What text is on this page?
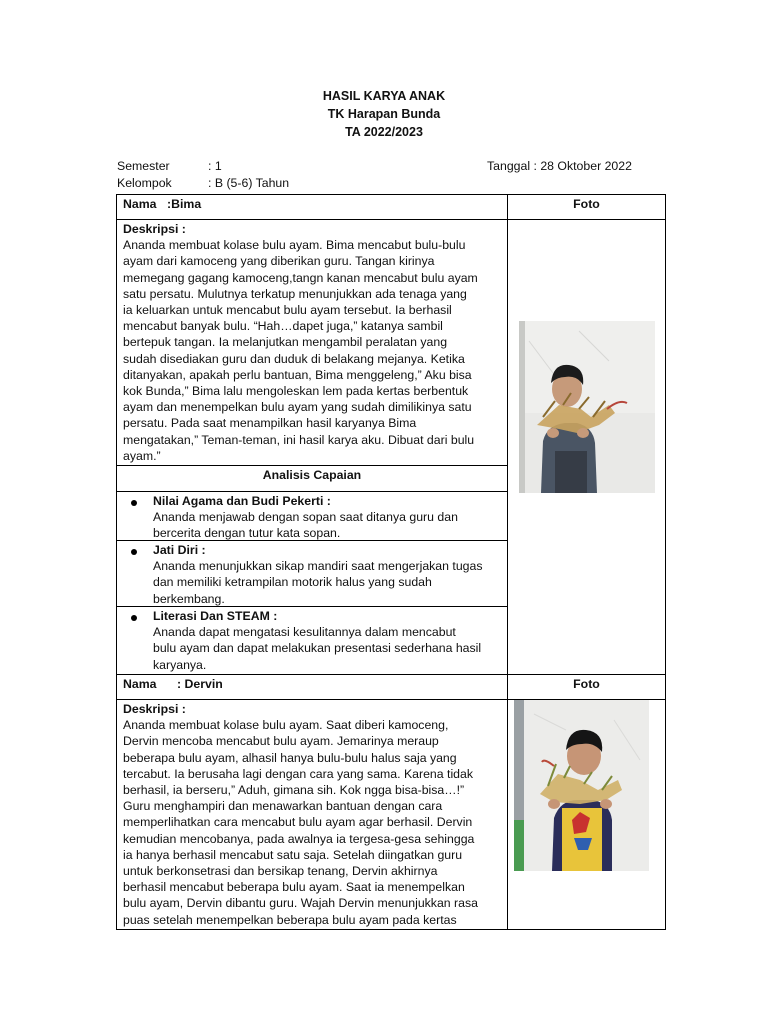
HASIL KARYA ANAK
TK Harapan Bunda
TA 2022/2023
Semester	: 1	Tanggal : 28 Oktober 2022
Kelompok	: B (5-6) Tahun
Nama :Bima	Foto
Deskripsi :
Ananda membuat kolase bulu ayam. Bima mencabut bulu-bulu
ayam dari kamoceng yang diberikan guru. Tangan kirinya
memegang gagang kamoceng,tangn kanan mencabut bulu ayam
satu persatu. Mulutnya terkatup menunjukkan ada tenaga yang
ia keluarkan untuk mencabut bulu ayam tersebut. Ia berhasil
mencabut banyak bulu. “Hah…dapet juga,” katanya sambil
bertepuk tangan. Ia melanjutkan mengambil peralatan yang
sudah disediakan guru dan duduk di belakang mejanya. Ketika
ditanyakan, apakah perlu bantuan, Bima menggeleng,” Aku bisa
kok Bunda,” Bima lalu mengoleskan lem pada kertas berbentuk
ayam dan menempelkan bulu ayam yang sudah dimilikinya satu
persatu. Pada saat menampilkan hasil karyanya Bima
mengatakan,” Teman-teman, ini hasil karya aku. Dibuat dari bulu
ayam.”
Analisis Capaian
Nilai Agama dan Budi Pekerti :
Ananda menjawab dengan sopan saat ditanya guru dan
bercerita dengan tutur kata sopan.
Jati Diri :
Ananda menunjukkan sikap mandiri saat mengerjakan tugas
dan memiliki ketrampilan motorik halus yang sudah
berkembang.
Literasi Dan STEAM :
Ananda dapat mengatasi kesulitannya dalam mencabut
bulu ayam dan dapat melakukan presentasi sederhana hasil
karyanya.
Nama : Dervin	Foto
Deskripsi :
Ananda membuat kolase bulu ayam. Saat diberi kamoceng,
Dervin mencoba mencabut bulu ayam. Jemarinya meraup
beberapa bulu ayam, alhasil hanya bulu-bulu halus saja yang
tercabut. Ia berusaha lagi dengan cara yang sama. Karena tidak
berhasil, ia berseru,” Aduh, gimana sih. Kok ngga bisa-bisa…!”
Guru menghampiri dan menawarkan bantuan dengan cara
memperlihatkan cara mencabut bulu ayam agar berhasil. Dervin
kemudian mencobanya, pada awalnya ia tergesa-gesa sehingga
ia hanya berhasil mencabut satu saja. Setelah diingatkan guru
untuk berkonsetrasi dan bersikap tenang, Dervin akhirnya
berhasil mencabut beberapa bulu ayam. Saat ia menempelkan
bulu ayam, Dervin dibantu guru. Wajah Dervin menunjukkan rasa
puas setelah menempelkan beberapa bulu ayam pada kertas
